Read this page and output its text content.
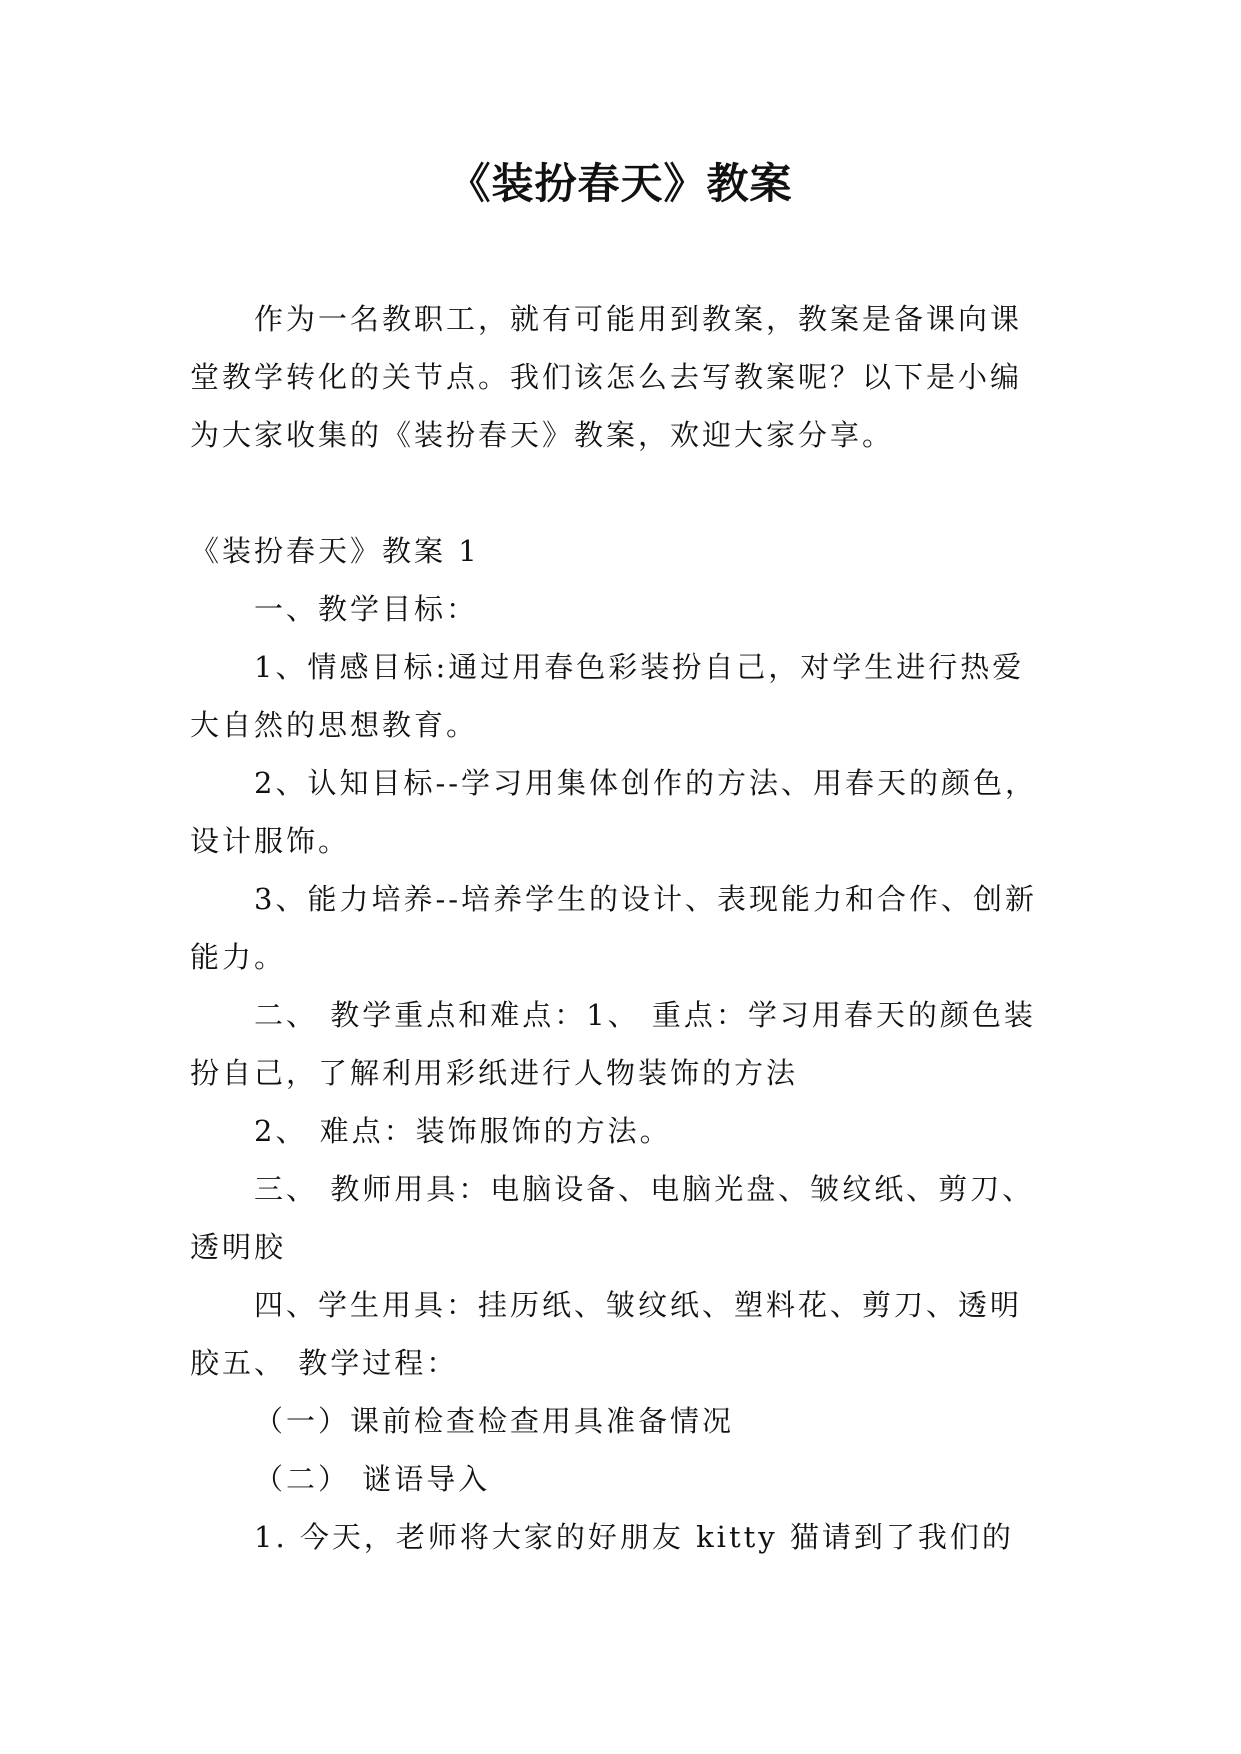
《装扮春天》教案

作为一名教职工，就有可能用到教案，教案是备课向课堂教学转化的关节点。我们该怎么去写教案呢？以下是小编为大家收集的《装扮春天》教案，欢迎大家分享。

《装扮春天》教案 1

一、教学目标：

1、情感目标:通过用春色彩装扮自己，对学生进行热爱大自然的思想教育。

2、认知目标--学习用集体创作的方法、用春天的颜色，设计服饰。

3、能力培养--培养学生的设计、表现能力和合作、创新能力。

二、 教学重点和难点：1、 重点：学习用春天的颜色装扮自己，了解利用彩纸进行人物装饰的方法

2、 难点：装饰服饰的方法。

三、 教师用具：电脑设备、电脑光盘、皱纹纸、剪刀、透明胶

四、学生用具：挂历纸、皱纹纸、塑料花、剪刀、透明胶五、 教学过程：

（一）课前检查检查用具准备情况

（二） 谜语导入

1. 今天，老师将大家的好朋友 kitty 猫请到了我们的
